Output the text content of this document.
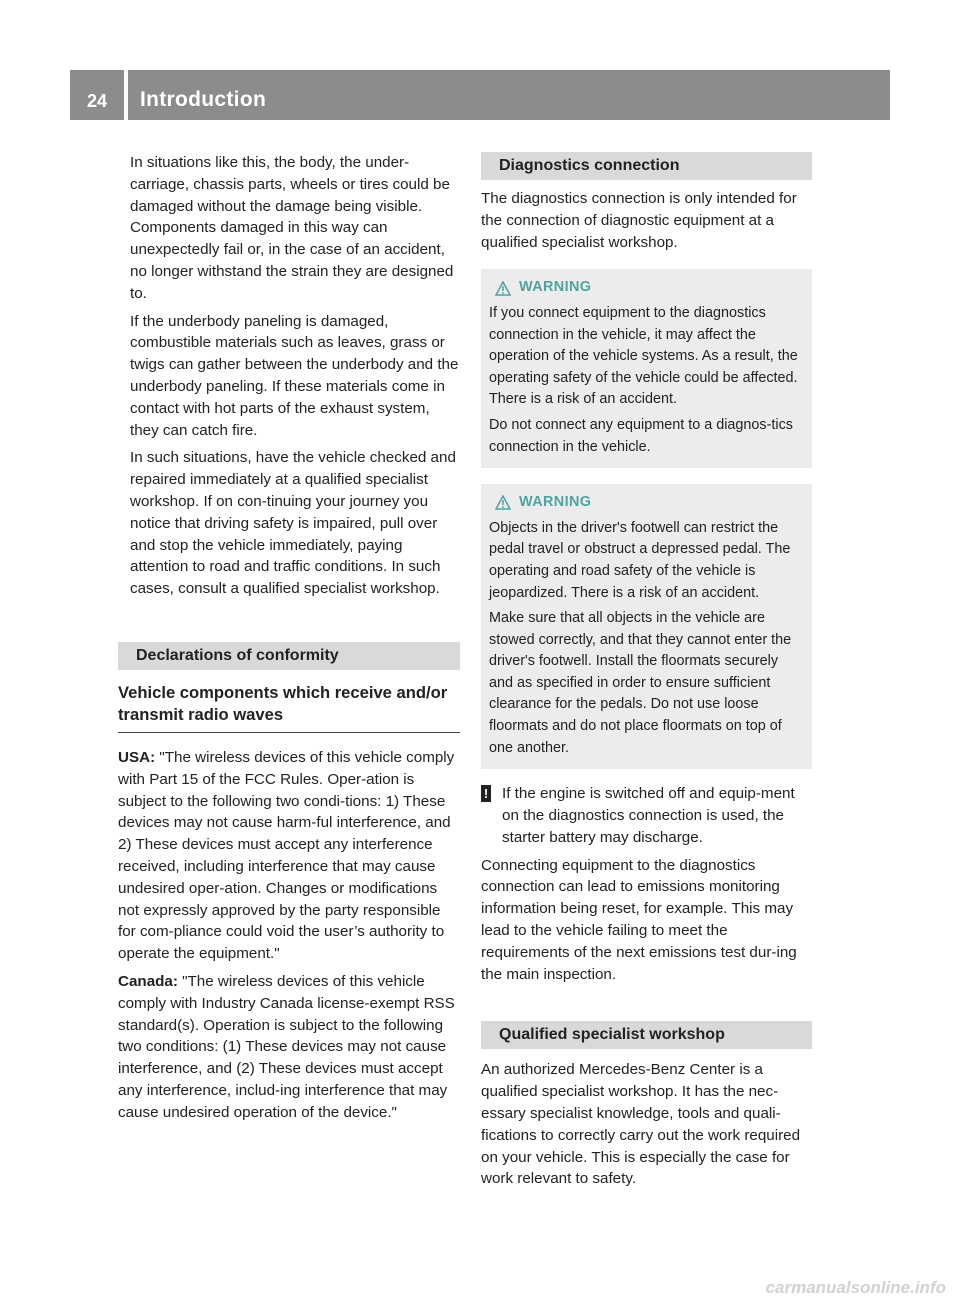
24	Introduction

In situations like this, the body, the under-carriage, chassis parts, wheels or tires could be damaged without the damage being visible. Components damaged in this way can unexpectedly fail or, in the case of an accident, no longer withstand the strain they are designed to.

If the underbody paneling is damaged, combustible materials such as leaves, grass or twigs can gather between the underbody and the underbody paneling. If these materials come in contact with hot parts of the exhaust system, they can catch fire.

In such situations, have the vehicle checked and repaired immediately at a qualified specialist workshop. If on con-tinuing your journey you notice that driving safety is impaired, pull over and stop the vehicle immediately, paying attention to road and traffic conditions. In such cases, consult a qualified specialist workshop.

Declarations of conformity
Vehicle components which receive and/or transmit radio waves

USA: "The wireless devices of this vehicle comply with Part 15 of the FCC Rules. Oper-ation is subject to the following two condi-tions: 1) These devices may not cause harm-ful interference, and 2) These devices must accept any interference received, including interference that may cause undesired oper-ation. Changes or modifications not expressly approved by the party responsible for com-pliance could void the user’s authority to operate the equipment."

Canada: "The wireless devices of this vehicle comply with Industry Canada license-exempt RSS standard(s). Operation is subject to the following two conditions: (1) These devices may not cause interference, and (2) These devices must accept any interference, includ-ing interference that may cause undesired operation of the device."

Diagnostics connection

The diagnostics connection is only intended for the connection of diagnostic equipment at a qualified specialist workshop.

WARNING

If you connect equipment to the diagnostics connection in the vehicle, it may affect the operation of the vehicle systems. As a result, the operating safety of the vehicle could be affected. There is a risk of an accident.

Do not connect any equipment to a diagnos-tics connection in the vehicle.

WARNING

Objects in the driver's footwell can restrict the pedal travel or obstruct a depressed pedal. The operating and road safety of the vehicle is jeopardized. There is a risk of an accident.

Make sure that all objects in the vehicle are stowed correctly, and that they cannot enter the driver's footwell. Install the floormats securely and as specified in order to ensure sufficient clearance for the pedals. Do not use loose floormats and do not place floormats on top of one another.

! If the engine is switched off and equip-ment on the diagnostics connection is used, the starter battery may discharge.

Connecting equipment to the diagnostics connection can lead to emissions monitoring information being reset, for example. This may lead to the vehicle failing to meet the requirements of the next emissions test dur-ing the main inspection.

Qualified specialist workshop

An authorized Mercedes-Benz Center is a qualified specialist workshop. It has the nec-essary specialist knowledge, tools and quali-fications to correctly carry out the work required on your vehicle. This is especially the case for work relevant to safety.

carmanualsonline.info
